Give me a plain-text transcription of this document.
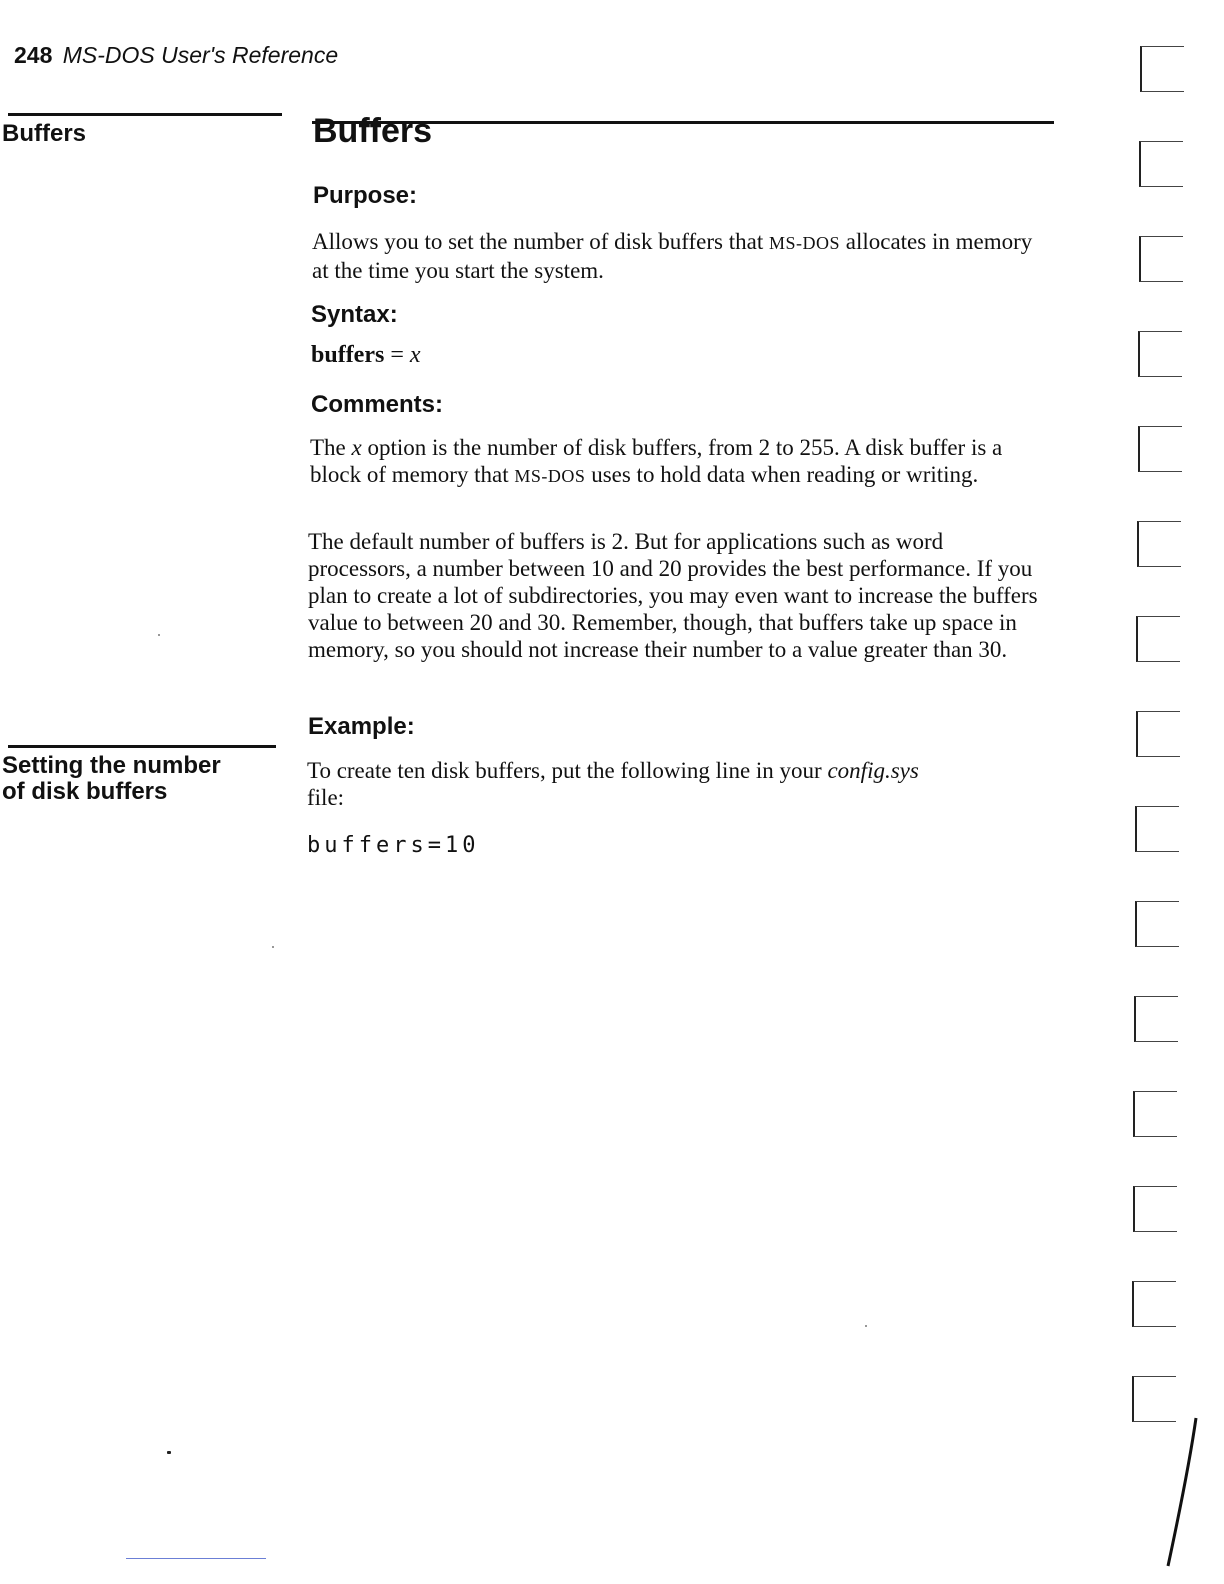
248 MS-DOS User's Reference
Buffers
Setting the number
of disk buffers
Buffers
Purpose:
Allows you to set the number of disk buffers that MS-DOS allocates in memory at the time you start the system.
Syntax:
buffers = x
Comments:
The x option is the number of disk buffers, from 2 to 255. A disk buffer is a block of memory that MS-DOS uses to hold data when reading or writing.
The default number of buffers is 2. But for applications such as word processors, a number between 10 and 20 provides the best performance. If you plan to create a lot of subdirectories, you may even want to increase the buffers value to between 20 and 30. Remember, though, that buffers take up space in memory, so you should not increase their number to a value greater than 30.
Example:
To create ten disk buffers, put the following line in your config.sys file:
buffers=10
